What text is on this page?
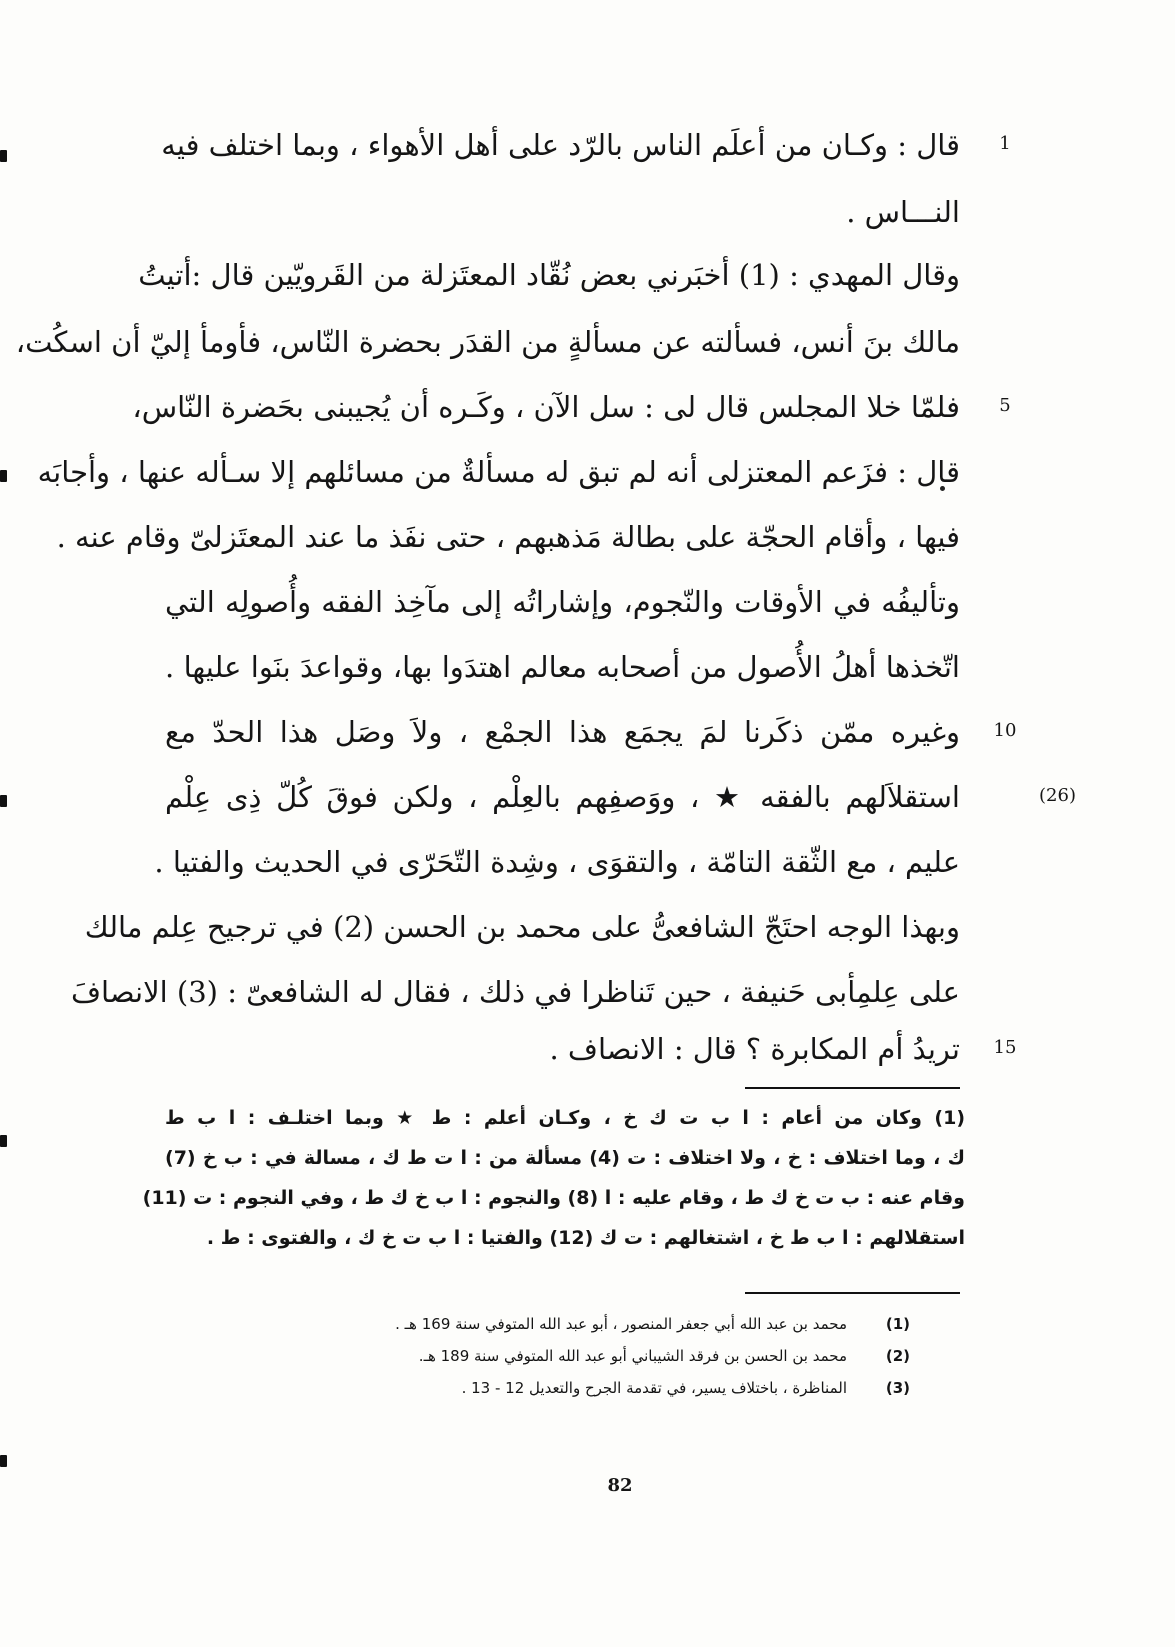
قال : وكـان من أعلَم الناس بالرّد على أهل الأهواء ، وبما اختلف فيه	1
النـــاس .
وقال المهدي : (1) أخبَرني بعض نُقّاد المعتَزلة من القَرويّين قال :أتيتُ
مالك بنَ أنس، فسألته عن مسألةٍ من القدَر بحضرة النّاس، فأومأ إليّ أن اسكُت،
فلمّا خلا المجلس قال لى : سل الآن ، وكَـره أن يُجيبنى بحَضرة النّاس،	5
قال : فزَعم المعتزلى أنه لم تبق له مسألةٌ من مسائلهم إلا سـأله عنها ، وأجابَه
فيها ، وأقام الحجّة على بطالة مَذهبهم ، حتى نفَذ ما عند المعتَزلىّ وقام عنه .
وتأليفُه في الأوقات والنّجوم، وإشاراتُه إلى مآخِذ الفقه وأُصولِه التي
اتّخذها أهلُ الأُصول من أصحابه معالم اهتدَوا بها، وقواعدَ بنَوا عليها .
وغيره ممّن ذكَرنا لمَ يجمَع هذا الجمْع ، ولاَ وصَل هذا الحدّ مع 10
استقلاَلهم بالفقه ★ ، ووَصفِهم بالعِلْم ، ولكن فوقَ كُلّ ذِى عِلْم	(26)
عليم ، مع الثّقة التامّة ، والتقوَى ، وشِدة التّحَرّى في الحديث والفتيا .
وبهذا الوجه احتَجّ الشافعىُّ على محمد بن الحسن (2) في ترجيح عِلم مالك
على عِلمِأبى حَنيفة ، حين تَناظرا في ذلك ، فقال له الشافعىّ : (3) الانصافَ
تريدُ أم المكابرة ؟ قال : الانصاف . 15
(1) وكان من أعام : ا ب ت ك خ ، وكـان أعلم : ط ★ وبما اختلـف : ا ب ط
ك ، وما اختلاف : خ ، ولا اختلاف : ت (4) مسألة من : ا ت ط ك ، مسالة في : ب خ (7)
وقام عنه : ب ت خ ك ط ، وقام عليه : ا (8) والنجوم : ا ب خ ك ط ، وفي النجوم : ت (11)
استقلالهم : ا ب ط خ ، اشتغالهم : ت ك (12) والفتيا : ا ب ت خ ك ، والفتوى : ط .
(1)
محمد بن عبد الله أبي جعفر المنصور ، أبو عبد الله المتوفي سنة 169 هـ .
(2)
محمد بن الحسن بن فرقد الشيباني أبو عبد الله المتوفي سنة 189 هـ.
(3)
المناظرة ، باختلاف يسير، في تقدمة الجرح والتعديل 12 - 13 .
82
